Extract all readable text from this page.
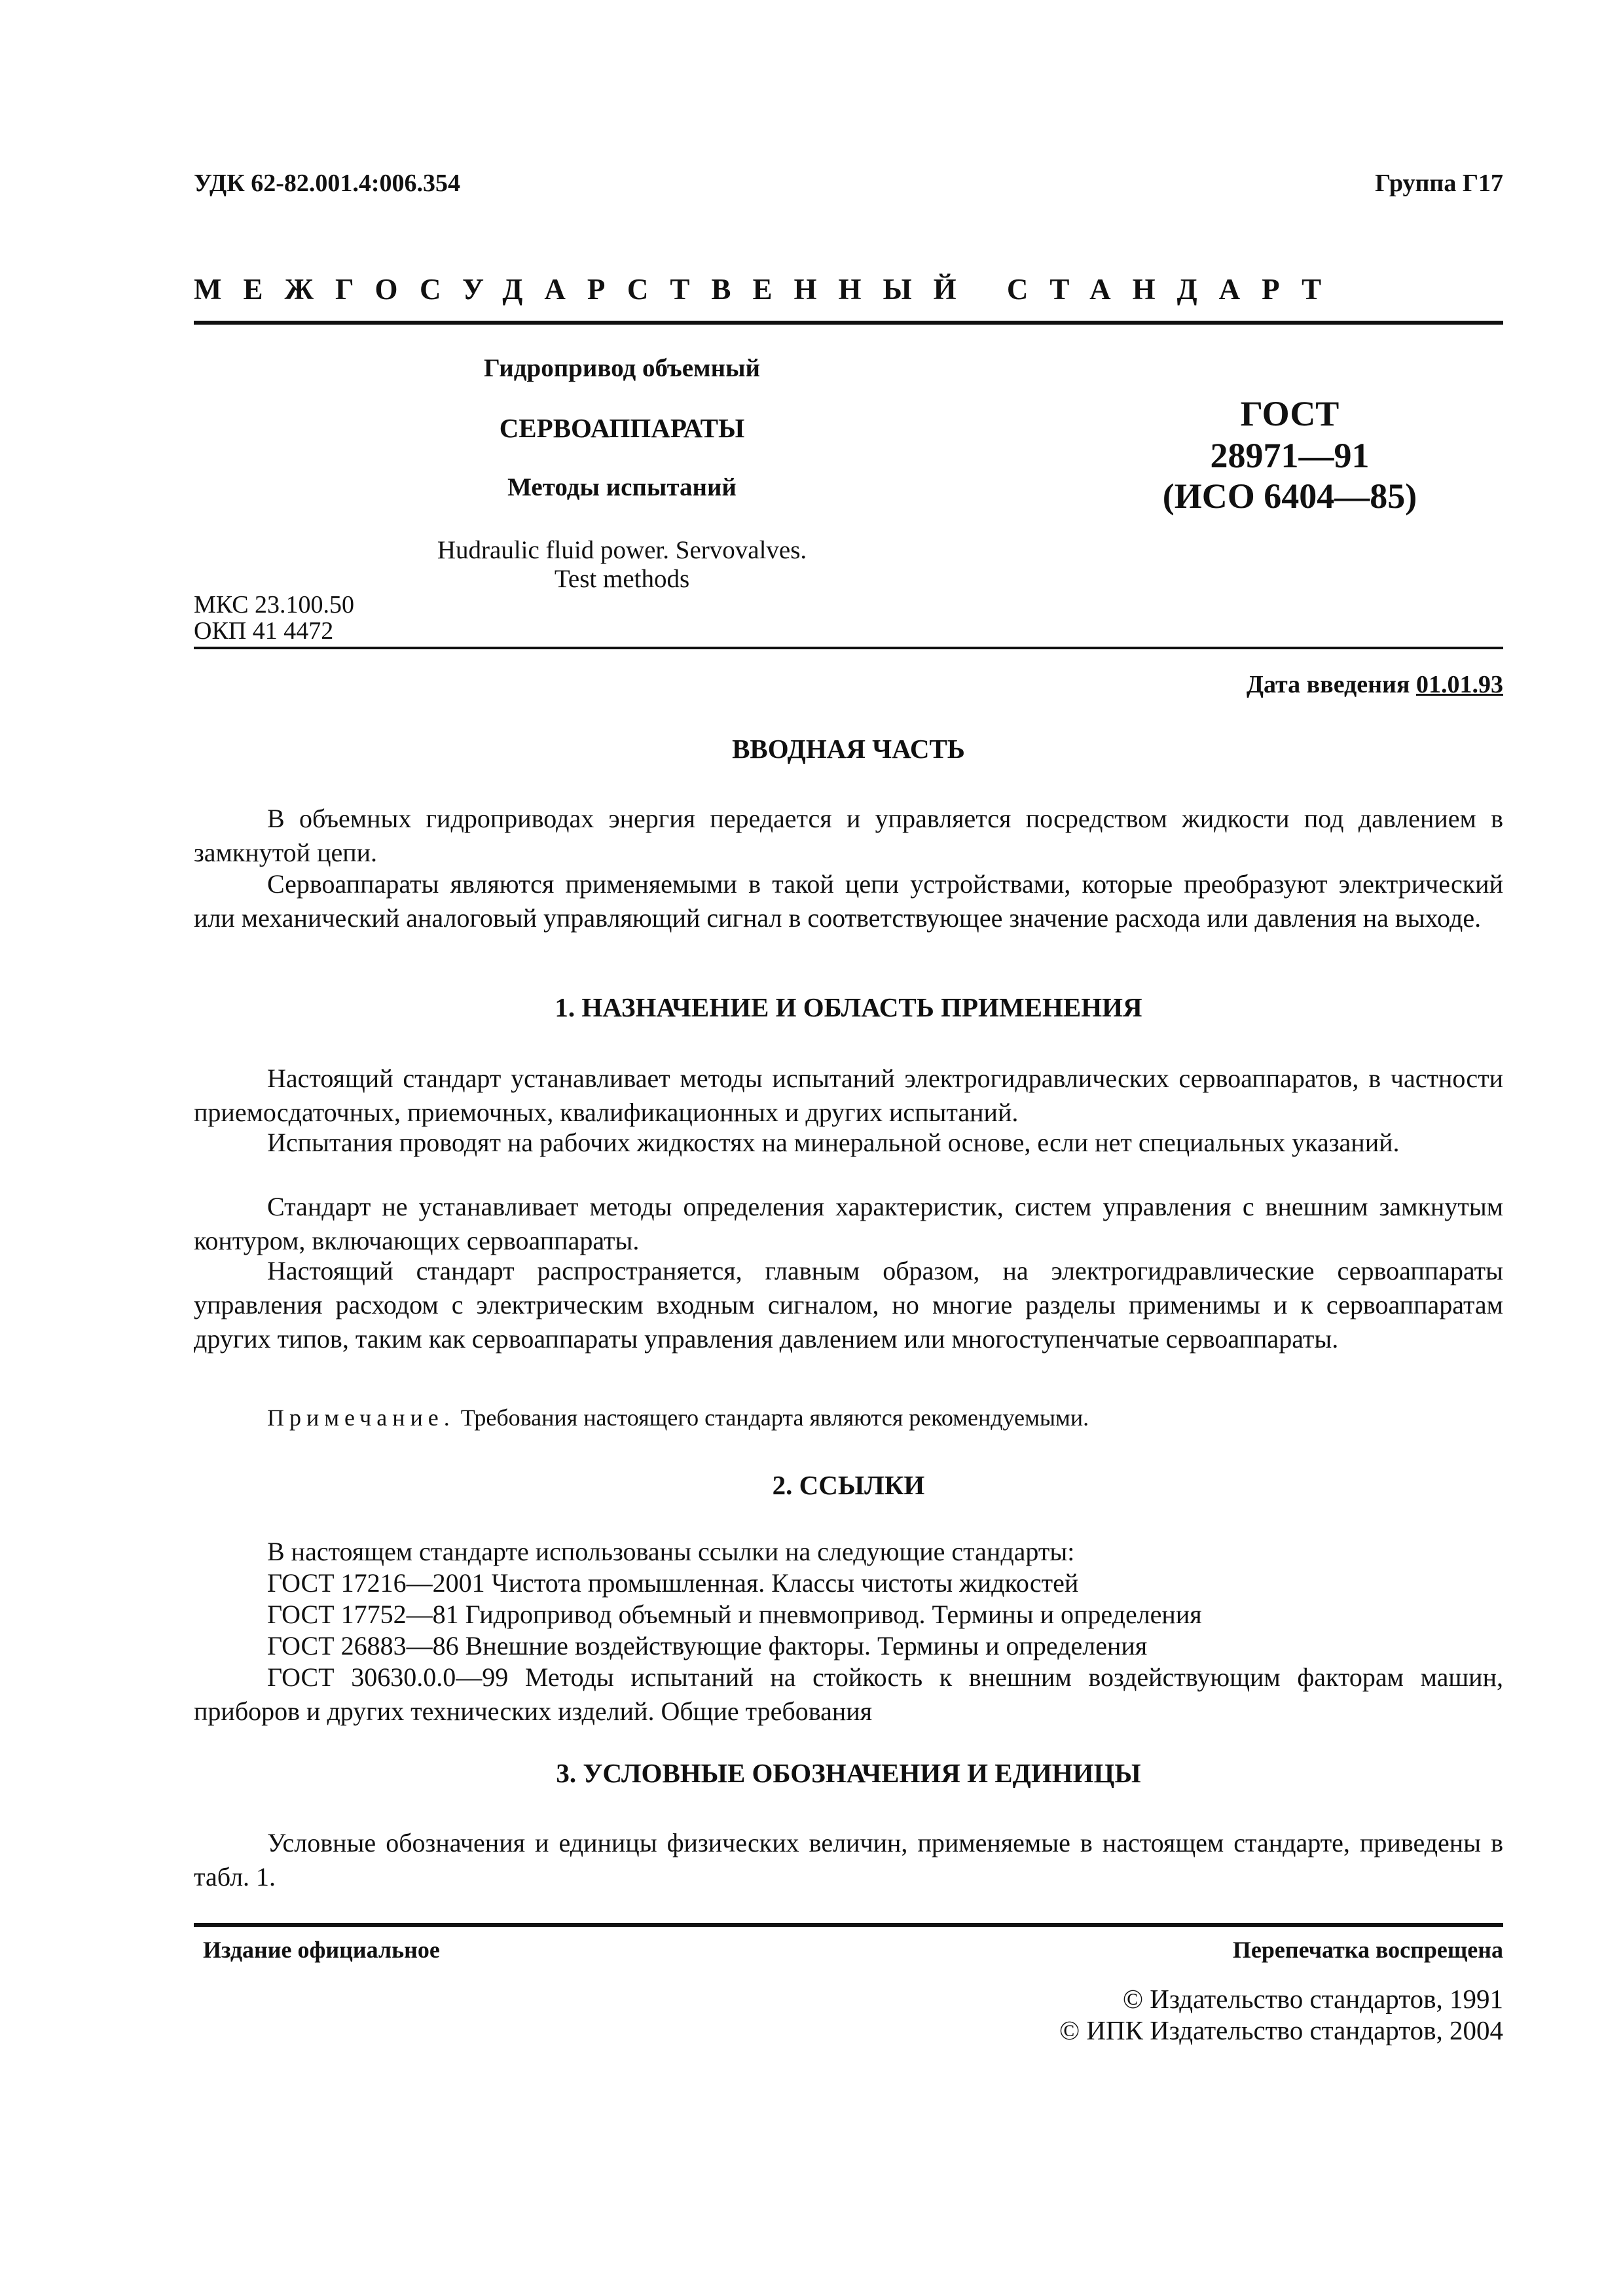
УДК 62-82.001.4:006.354	Группа Г17
МЕЖГОСУДАРСТВЕННЫЙ СТАНДАРТ
Гидропривод объемный
СЕРВОАППАРАТЫ
Методы испытаний
Hudraulic fluid power. Servovalves.
Test methods
ГОСТ
28971—91
(ИСО 6404—85)
МКС 23.100.50
ОКП 41 4472
Дата введения 01.01.93
ВВОДНАЯ ЧАСТЬ
В объемных гидроприводах энергия передается и управляется посредством жидкости под давлением в замкнутой цепи.
Сервоаппараты являются применяемыми в такой цепи устройствами, которые преобразуют электрический или механический аналоговый управляющий сигнал в соответствующее значение расхода или давления на выходе.
1. НАЗНАЧЕНИЕ И ОБЛАСТЬ ПРИМЕНЕНИЯ
Настоящий стандарт устанавливает методы испытаний электрогидравлических сервоаппаратов, в частности приемосдаточных, приемочных, квалификационных и других испытаний.
Испытания проводят на рабочих жидкостях на минеральной основе, если нет специальных указаний.
Стандарт не устанавливает методы определения характеристик, систем управления с внешним замкнутым контуром, включающих сервоаппараты.
Настоящий стандарт распространяется, главным образом, на электрогидравлические сервоаппараты управления расходом с электрическим входным сигналом, но многие разделы применимы и к сервоаппаратам других типов, таким как сервоаппараты управления давлением или многоступенчатые сервоаппараты.
Примечание. Требования настоящего стандарта являются рекомендуемыми.
2. ССЫЛКИ
В настоящем стандарте использованы ссылки на следующие стандарты:
ГОСТ 17216—2001 Чистота промышленная. Классы чистоты жидкостей
ГОСТ 17752—81 Гидропривод объемный и пневмопривод. Термины и определения
ГОСТ 26883—86 Внешние воздействующие факторы. Термины и определения
ГОСТ 30630.0.0—99 Методы испытаний на стойкость к внешним воздействующим факторам машин, приборов и других технических изделий. Общие требования
3. УСЛОВНЫЕ ОБОЗНАЧЕНИЯ И ЕДИНИЦЫ
Условные обозначения и единицы физических величин, применяемые в настоящем стандарте, приведены в табл. 1.
Издание официальное	Перепечатка воспрещена
© Издательство стандартов, 1991
© ИПК Издательство стандартов, 2004
